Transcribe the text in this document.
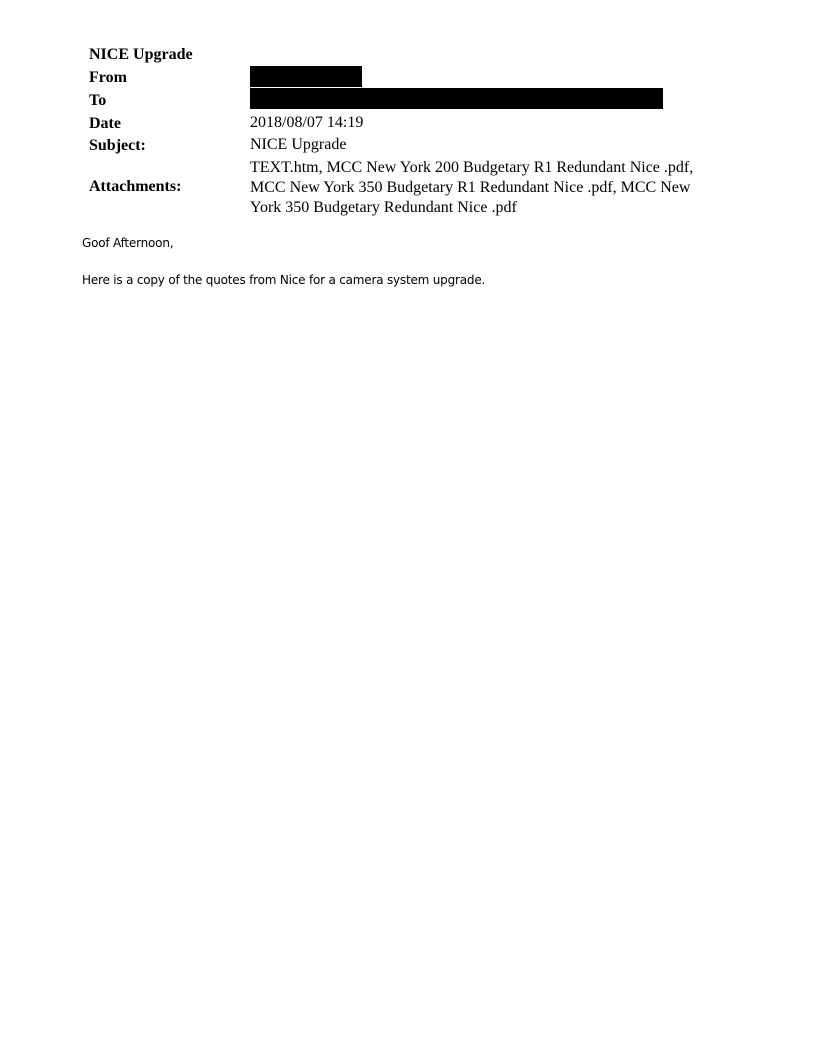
NICE Upgrade
From
To
Date	2018/08/07 14:19
Subject:	NICE Upgrade
Attachments:
TEXT.htm, MCC New York 200 Budgetary R1 Redundant Nice .pdf,
MCC New York 350 Budgetary R1 Redundant Nice .pdf, MCC New
York 350 Budgetary Redundant Nice .pdf
Goof Afternoon,
Here is a copy of the quotes from Nice for a camera system upgrade.
